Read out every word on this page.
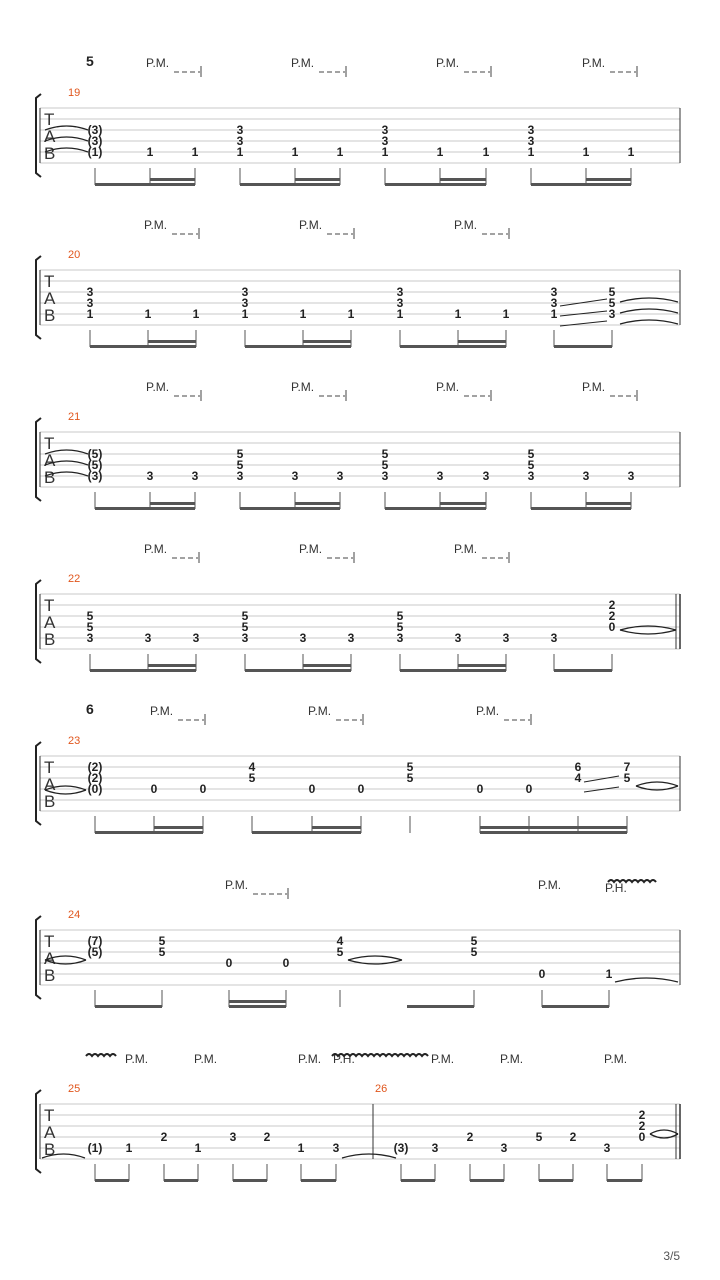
T
A
B
19
5	P.M.	P.M.	P.M.	P.M.
(3)
(3)
(1)	1	1
3
3
1	1	1
3
3
1	1	1
3
3
1	1	1
T
A
B
20
P.M.	P.M.	P.M.
3
3
1	1	1
3
3
1	1	1
3
3
1	1	1
3
3
1
5
5
3
T
A
B
21
P.M.	P.M.	P.M.	P.M.
(5)
(5)
(3)	3	3
5
5
3	3	3
5
5
3	3	3
5
5
3	3	3
T
A
B
22
P.M.	P.M.	P.M.
5
5
3	3	3
5
5
3	3	3
5
5
3	3	3	3
2
2
0
T
A
B
23
6	P.M.	P.M.	P.M.
(2)
(2)
(0)	0	0
4
5
0	0
5
5
0	0
6
4
7
5
T
A
B
24
P.M.	P.M.	P.H.
(7)
(5)
5
5
0	0
4
5
5
5
0	1
T
A
B
25	26
P.M.	P.M.	P.M. P.H.	P.M.	P.M.	P.M.
(1) 1
2
1
3 2
1 3	(3) 3
2
3
5 2
3
2
2
0
3/5
